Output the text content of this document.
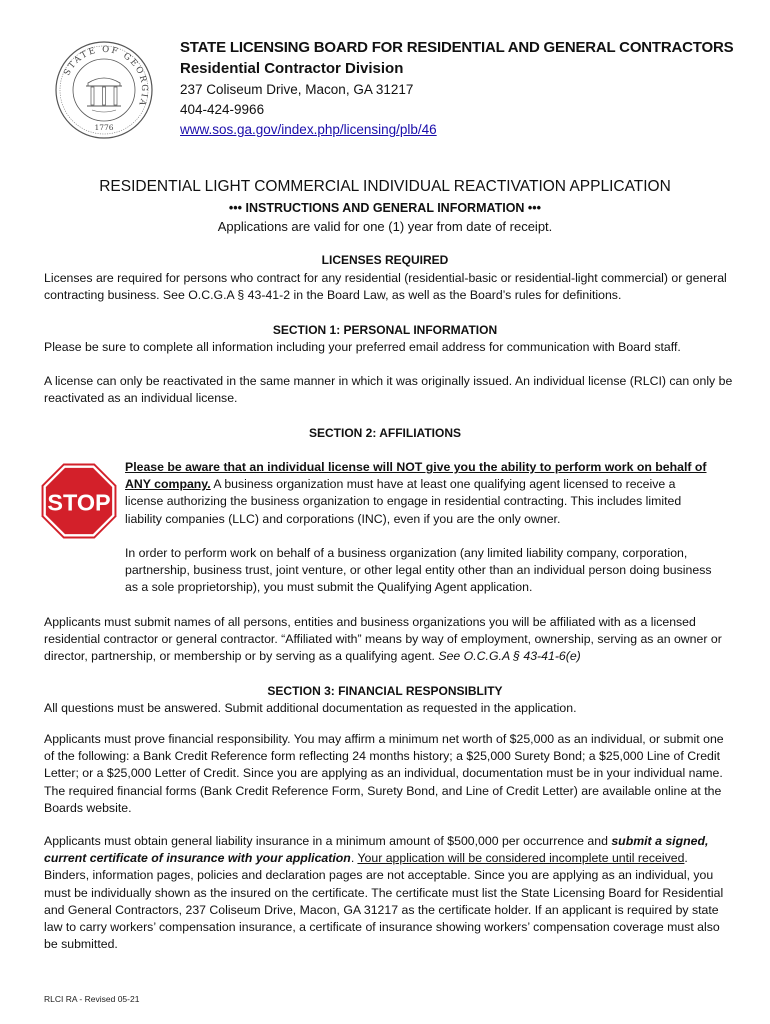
STATE OF GEORGIA
1776
STATE LICENSING BOARD FOR RESIDENTIAL AND GENERAL CONTRACTORS
Residential Contractor Division
237 Coliseum Drive, Macon, GA 31217
404-424-9966
www.sos.ga.gov/index.php/licensing/plb/46
RESIDENTIAL LIGHT COMMERCIAL INDIVIDUAL REACTIVATION APPLICATION
••• INSTRUCTIONS AND GENERAL INFORMATION •••
Applications are valid for one (1) year from date of receipt.
LICENSES REQUIRED
Licenses are required for persons who contract for any residential (residential-basic or residential-light commercial) or general contracting business. See O.C.G.A § 43-41-2 in the Board Law, as well as the Board’s rules for definitions.
SECTION 1: PERSONAL INFORMATION
Please be sure to complete all information including your preferred email address for communication with Board staff.
A license can only be reactivated in the same manner in which it was originally issued. An individual license (RLCI) can only be reactivated as an individual license.
SECTION 2: AFFILIATIONS
STOP
Please be aware that an individual license will NOT give you the ability to perform work on behalf of ANY company. A business organization must have at least one qualifying agent licensed to receive a license authorizing the business organization to engage in residential contracting. This includes limited liability companies (LLC) and corporations (INC), even if you are the only owner.
In order to perform work on behalf of a business organization (any limited liability company, corporation, partnership, business trust, joint venture, or other legal entity other than an individual person doing business as a sole proprietorship), you must submit the Qualifying Agent application.
Applicants must submit names of all persons, entities and business organizations you will be affiliated with as a licensed residential contractor or general contractor. “Affiliated with” means by way of employment, ownership, serving as an owner or director, partnership, or membership or by serving as a qualifying agent. See O.C.G.A § 43-41-6(e)
SECTION 3: FINANCIAL RESPONSIBLITY
All questions must be answered. Submit additional documentation as requested in the application.
Applicants must prove financial responsibility. You may affirm a minimum net worth of $25,000 as an individual, or submit one of the following: a Bank Credit Reference form reflecting 24 months history; a $25,000 Surety Bond; a $25,000 Line of Credit Letter; or a $25,000 Letter of Credit. Since you are applying as an individual, documentation must be in your individual name. The required financial forms (Bank Credit Reference Form, Surety Bond, and Line of Credit Letter) are available online at the Boards website.
Applicants must obtain general liability insurance in a minimum amount of $500,000 per occurrence and submit a signed, current certificate of insurance with your application. Your application will be considered incomplete until received. Binders, information pages, policies and declaration pages are not acceptable. Since you are applying as an individual, you must be individually shown as the insured on the certificate. The certificate must list the State Licensing Board for Residential and General Contractors, 237 Coliseum Drive, Macon, GA 31217 as the certificate holder. If an applicant is required by state law to carry workers’ compensation insurance, a certificate of insurance showing workers’ compensation coverage must also be submitted.
RLCI RA - Revised 05-21
